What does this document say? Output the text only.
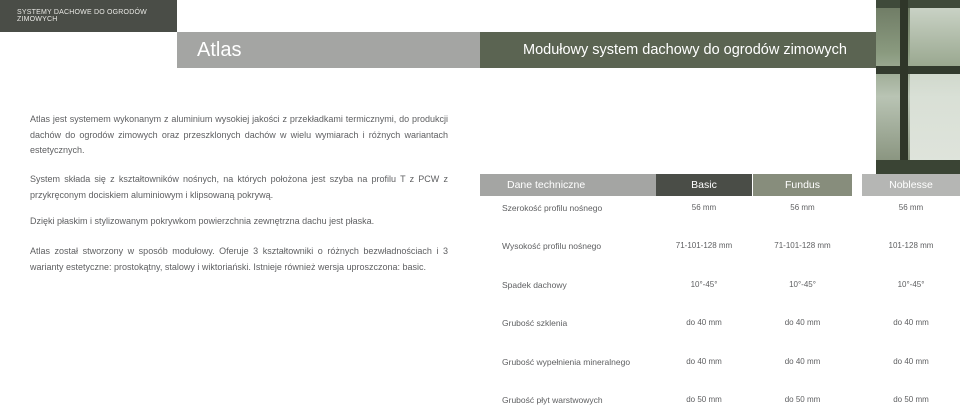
SYSTEMY DACHOWE DO OGRODÓW ZIMOWYCH
Atlas	Modułowy system dachowy do ogrodów zimowych

Atlas jest systemem wykonanym z aluminium wysokiej jakości z przekładkami termicznymi, do produkcji dachów do ogrodów zimowych oraz przeszklonych dachów w wielu wymiarach i różnych wariantach estetycznych.

System składa się z kształtowników nośnych, na których położona jest szyba na profilu T z PCW z przykręconym dociskiem aluminiowym i klipsowaną pokrywą.

Dzięki płaskim i stylizowanym pokrywkom powierzchnia zewnętrzna dachu jest płaska.

Atlas został stworzony w sposób modułowy. Oferuje 3 kształtowniki o różnych bezwładnościach i 3 warianty estetyczne: prostokątny, stalowy i wiktoriański. Istnieje również wersja uproszczona: basic.

Dane techniczne	Basic	Fundus	Noblesse
Szerokość profilu nośnego	56 mm	56 mm	56 mm
Wysokość profilu nośnego	71-101-128 mm	71-101-128 mm	101-128 mm
Spadek dachowy	10°-45°	10°-45°	10°-45°
Grubość szklenia	do 40 mm	do 40 mm	do 40 mm
Grubość wypełnienia mineralnego	do 40 mm	do 40 mm	do 40 mm
Grubość płyt warstwowych	do 50 mm	do 50 mm	do 50 mm
